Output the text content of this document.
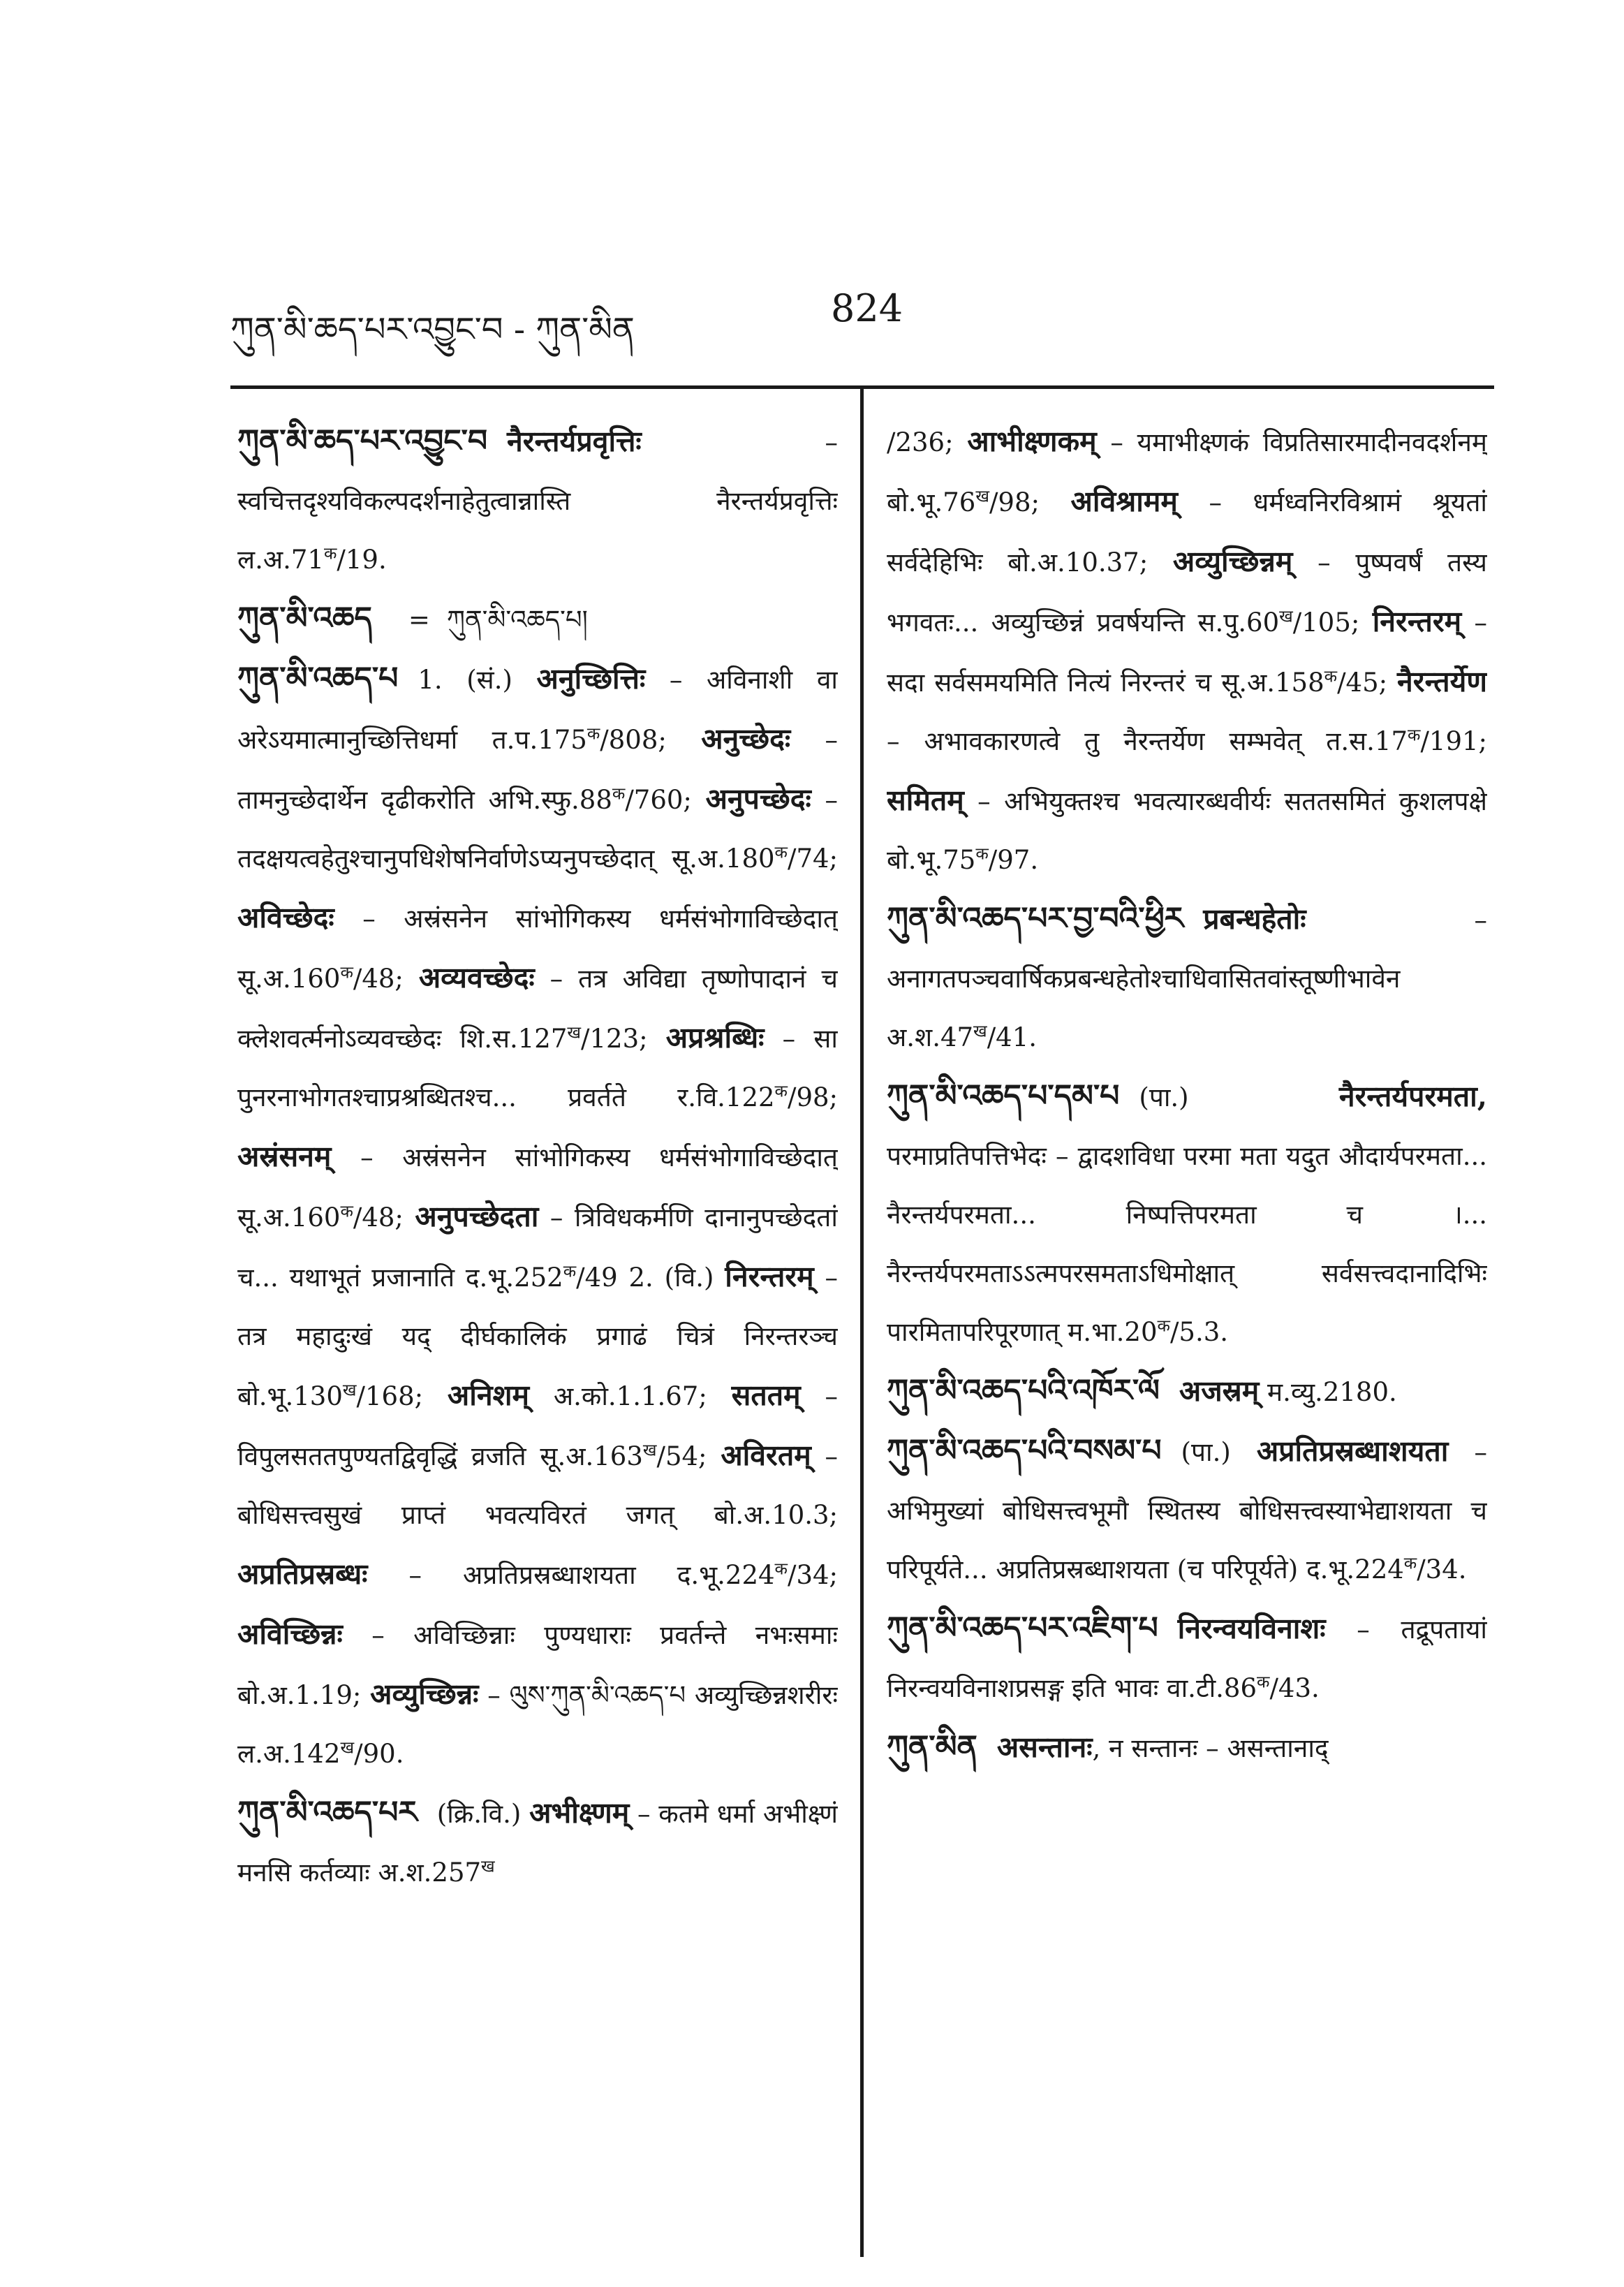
ཀུན་མི་ཆད་པར་འབྱུང་བ - ཀུན་མིན	824

ཀུན་མི་ཆད་པར་འབྱུང་བ नैरन्तर्यप्रवृत्तिः – स्वचित्तदृश्यविकल्पदर्शनाहेतुत्वान्नास्ति नैरन्तर्यप्रवृत्तिः $ल.अ.71^क/19$.

ཀུན་མི་འཆད = ཀུན་མི་འཆད་པ།

ཀུན་མི་འཆད་པ 1. (सं.) अनुच्छित्तिः – अविनाशी वा अरेऽयमात्मानुच्छित्तिधर्मा $त.प.175^क/808$; अनुच्छेदः – तामनुच्छेदार्थेन दृढीकरोति $अभि.स्फु.88^क/760$; अनुपच्छेदः – तदक्षयत्वहेतुश्चानुपधिशेषनिर्वाणेऽप्यनुपच्छेदात् $सू.अ.180^क/74$; अविच्छेदः – अस्रंसनेन सांभोगिकस्य धर्मसंभोगाविच्छेदात् $सू.अ.160^क/48$; अव्यवच्छेदः – तत्र अविद्या तृष्णोपादानं च क्लेशवर्त्मनोऽव्यवच्छेदः $शि.स.127^ख/123$; अप्रश्रब्धिः – सा पुनरनाभोगतश्चाप्रश्रब्धितश्च... प्रवर्तते $र.वि.122^क/98$; अस्रंसनम् – अस्रंसनेन सांभोगिकस्य धर्मसंभोगाविच्छेदात् $सू.अ.160^क/48$; अनुपच्छेदता – त्रिविधकर्मणि दानानुपच्छेदतां च... यथाभूतं प्रजानाति $द.भू.252^क/49$ 2. (वि.) निरन्तरम् – तत्र महादुःखं यद् दीर्घकालिकं प्रगाढं चित्रं निरन्तरञ्च $बो.भू.130^ख/168$; अनिशम् अ.को.1.1.67; सततम् – विपुलसततपुण्यतद्विवृद्धिं व्रजति $सू.अ.163^ख/54$; अविरतम् – बोधिसत्त्वसुखं प्राप्तं भवत्यविरतं जगत् बो.अ.10.3; अप्रतिप्रस्रब्धः – अप्रतिप्रस्रब्धाशयता $द.भू.224^क/34$; अविच्छिन्नः – अविच्छिन्नाः पुण्यधाराः प्रवर्तन्ते नभःसमाः बो.अ.1.19; अव्युच्छिन्नः – ལུས་ཀུན་མི་འཆད་པ अव्युच्छिन्नशरीरः $ल.अ.142^ख/90$.

ཀུན་མི་འཆད་པར (क्रि.वि.) अभीक्ष्णम् – कतमे धर्मा अभीक्ष्णं मनसि कर्तव्याः $अ.श.257^ख$

/236; आभीक्ष्णकम् – यमाभीक्ष्णकं विप्रतिसारमादीनवदर्शनम् $बो.भू.76^ख/98$; अविश्रामम् – धर्मध्वनिरविश्रामं श्रूयतां सर्वदेहिभिः बो.अ.10.37; अव्युच्छिन्नम् – पुष्पवर्षं तस्य भगवतः... अव्युच्छिन्नं प्रवर्षयन्ति $स.पु.60^ख/105$; निरन्तरम् – सदा सर्वसमयमिति नित्यं निरन्तरं च $सू.अ.158^क/45$; नैरन्तर्येण – अभावकारणत्वे तु नैरन्तर्येण सम्भवेत् $त.स.17^क/191$; समितम् – अभियुक्तश्च भवत्यारब्धवीर्यः सततसमितं कुशलपक्षे $बो.भू.75^क/97$.

ཀུན་མི་འཆད་པར་བྱ་བའི་ཕྱིར प्रबन्धहेतोः – अनागतपञ्चवार्षिकप्रबन्धहेतोश्चाधिवासितवांस्तूष्णीभावेन $अ.श.47^ख/41$.

ཀུན་མི་འཆད་པ་དམ་པ (पा.) नैरन्तर्यपरमता, परमाप्रतिपत्तिभेदः – द्वादशविधा परमा मता यदुत औदार्यपरमता... नैरन्तर्यपरमता... निष्पत्तिपरमता च ।... नैरन्तर्यपरमताऽऽत्मपरसमताऽधिमोक्षात् सर्वसत्त्वदानादिभिः पारमितापरिपूरणात् $म.भा.20^क/5.3$.

ཀུན་མི་འཆད་པའི་འཁོར་ལོ अजस्रम् म.व्यु.2180.

ཀུན་མི་འཆད་པའི་བསམ་པ (पा.) अप्रतिप्रस्रब्धाशयता – अभिमुख्यां बोधिसत्त्वभूमौ स्थितस्य बोधिसत्त्वस्याभेद्याशयता च परिपूर्यते... अप्रतिप्रस्रब्धाशयता (च परिपूर्यते) $द.भू.224^क/34$.

ཀུན་མི་འཆད་པར་འཇིག་པ निरन्वयविनाशः – तद्रूपतायां निरन्वयविनाशप्रसङ्ग इति भावः $वा.टी.86^क/43$.

ཀུན་མིན असन्तानः, न सन्तानः – असन्तानाद्
